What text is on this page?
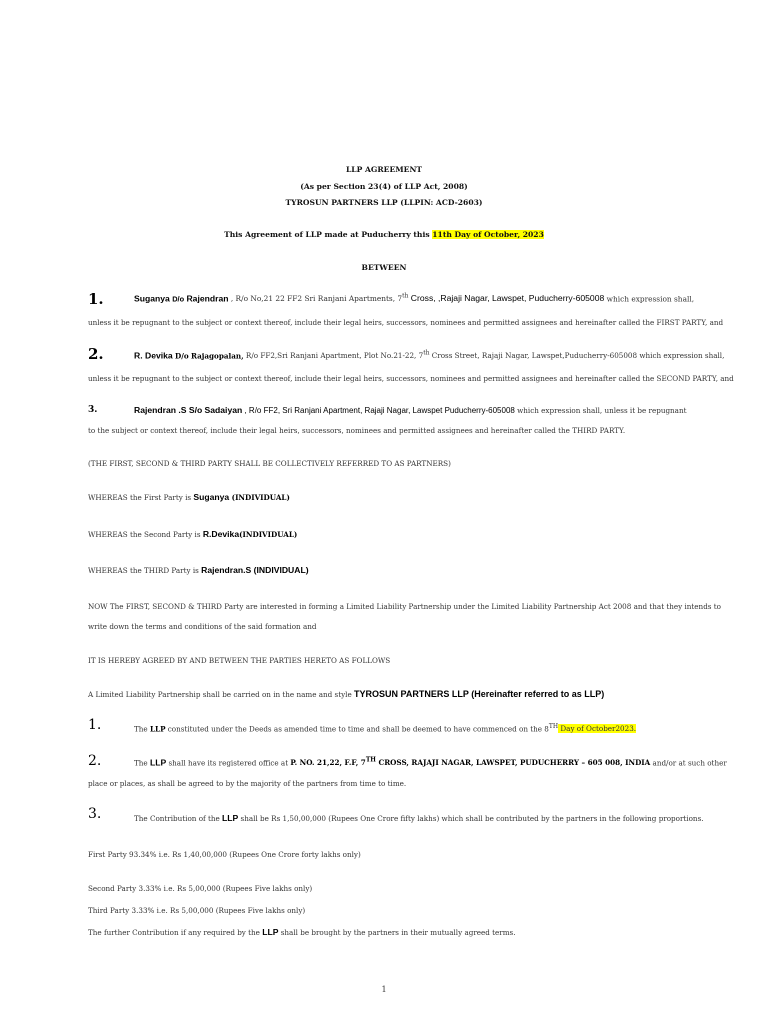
LLP AGREEMENT
(As per Section 23(4) of LLP Act, 2008)
TYROSUN PARTNERS LLP (LLPIN: ACD-2603)
This Agreement of LLP made at Puducherry this 11th Day of October, 2023
BETWEEN
1.	Suganya D/o Rajendran , R/o No,21 22 FF2 Sri Ranjani Apartments, 7th Cross, ,Rajaji Nagar, Lawspet, Puducherry-605008 which expression shall,
unless it be repugnant to the subject or context thereof, include their legal heirs, successors, nominees and permitted assignees and hereinafter called the FIRST PARTY, and
2.	R. Devika D/o Rajagopalan, R/o FF2,Sri Ranjani Apartment, Plot No.21-22, 7th Cross Street, Rajaji Nagar, Lawspet,Puducherry-605008 which expression shall,
unless it be repugnant to the subject or context thereof, include their legal heirs, successors, nominees and permitted assignees and hereinafter called the SECOND PARTY, and
3.	Rajendran .S S/o Sadaiyan , R/o FF2, Sri Ranjani Apartment, Rajaji Nagar, Lawspet Puducherry-605008 which expression shall, unless it be repugnant
to the subject or context thereof, include their legal heirs, successors, nominees and permitted assignees and hereinafter called the THIRD PARTY.
(THE FIRST, SECOND & THIRD PARTY SHALL BE COLLECTIVELY REFERRED TO AS PARTNERS)
WHEREAS the First Party is Suganya (INDIVIDUAL)
WHEREAS the Second Party is R.Devika(INDIVIDUAL)
WHEREAS the THIRD Party is Rajendran.S (INDIVIDUAL)
NOW The FIRST, SECOND & THIRD Party are interested in forming a Limited Liability Partnership under the Limited Liability Partnership Act 2008 and that they intends to
write down the terms and conditions of the said formation and
IT IS HEREBY AGREED BY AND BETWEEN THE PARTIES HERETO AS FOLLOWS
A Limited Liability Partnership shall be carried on in the name and style TYROSUN PARTNERS LLP (Hereinafter referred to as LLP)
1.	The LLP constituted under the Deeds as amended time to time and shall be deemed to have commenced on the 8TH Day of October2023.
2.	The LLP shall have its registered office at P. NO. 21,22, F.F, 7TH CROSS, RAJAJI NAGAR, LAWSPET, PUDUCHERRY – 605 008, INDIA and/or at such other
place or places, as shall be agreed to by the majority of the partners from time to time.
3.	The Contribution of the LLP shall be Rs 1,50,00,000 (Rupees One Crore fifty lakhs) which shall be contributed by the partners in the following proportions.
First Party 93.34% i.e. Rs 1,40,00,000 (Rupees One Crore forty lakhs only)
Second Party 3.33% i.e. Rs 5,00,000 (Rupees Five lakhs only)
Third Party 3.33% i.e. Rs 5,00,000 (Rupees Five lakhs only)
The further Contribution if any required by the LLP shall be brought by the partners in their mutually agreed terms.
1
